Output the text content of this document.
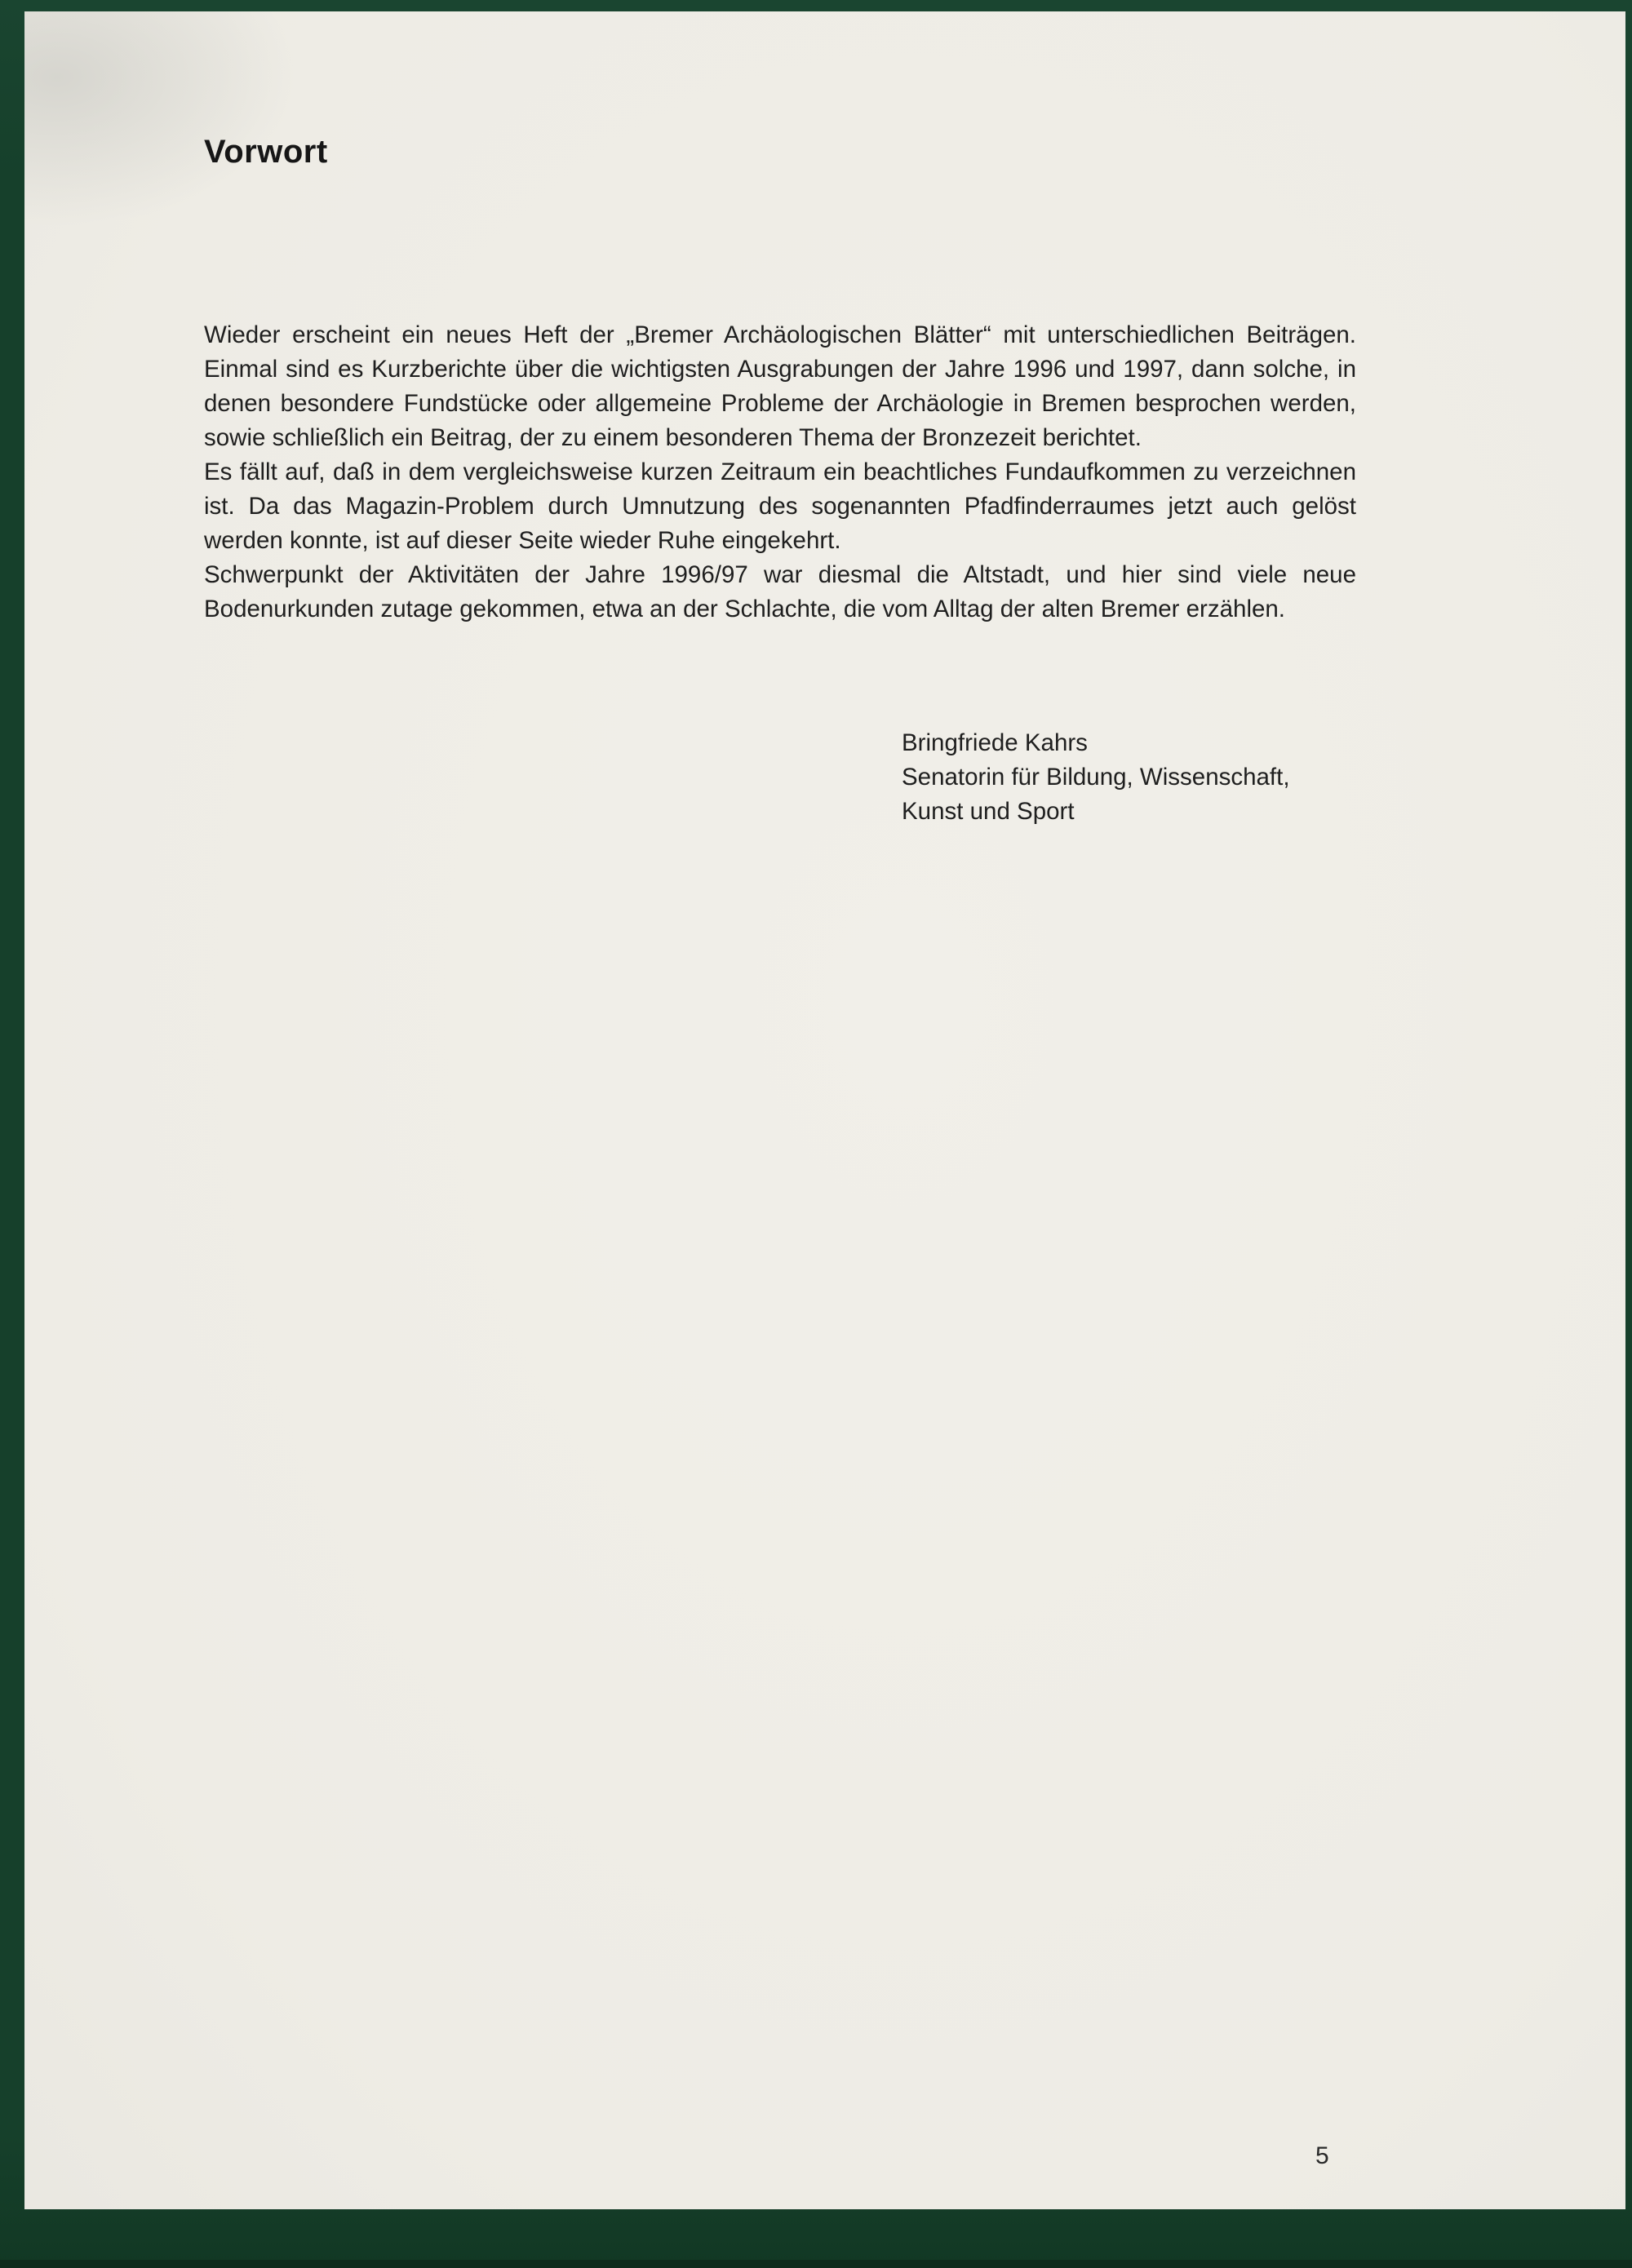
Vorwort

Wieder erscheint ein neues Heft der „Bremer Archäologischen Blätter“ mit unterschiedlichen Beiträgen. Einmal sind es Kurzberichte über die wichtigsten Ausgrabungen der Jahre 1996 und 1997, dann solche, in denen besondere Fundstücke oder allgemeine Probleme der Archäologie in Bremen besprochen werden, sowie schließlich ein Beitrag, der zu einem besonderen Thema der Bronzezeit berichtet.

Es fällt auf, daß in dem vergleichsweise kurzen Zeitraum ein beachtliches Fundaufkommen zu verzeichnen ist. Da das Magazin-Problem durch Umnutzung des sogenannten Pfadfinderraumes jetzt auch gelöst werden konnte, ist auf dieser Seite wieder Ruhe eingekehrt.

Schwerpunkt der Aktivitäten der Jahre 1996/97 war diesmal die Altstadt, und hier sind viele neue Bodenurkunden zutage gekommen, etwa an der Schlachte, die vom Alltag der alten Bremer erzählen.

Bringfriede Kahrs
Senatorin für Bildung, Wissenschaft,
Kunst und Sport
5
